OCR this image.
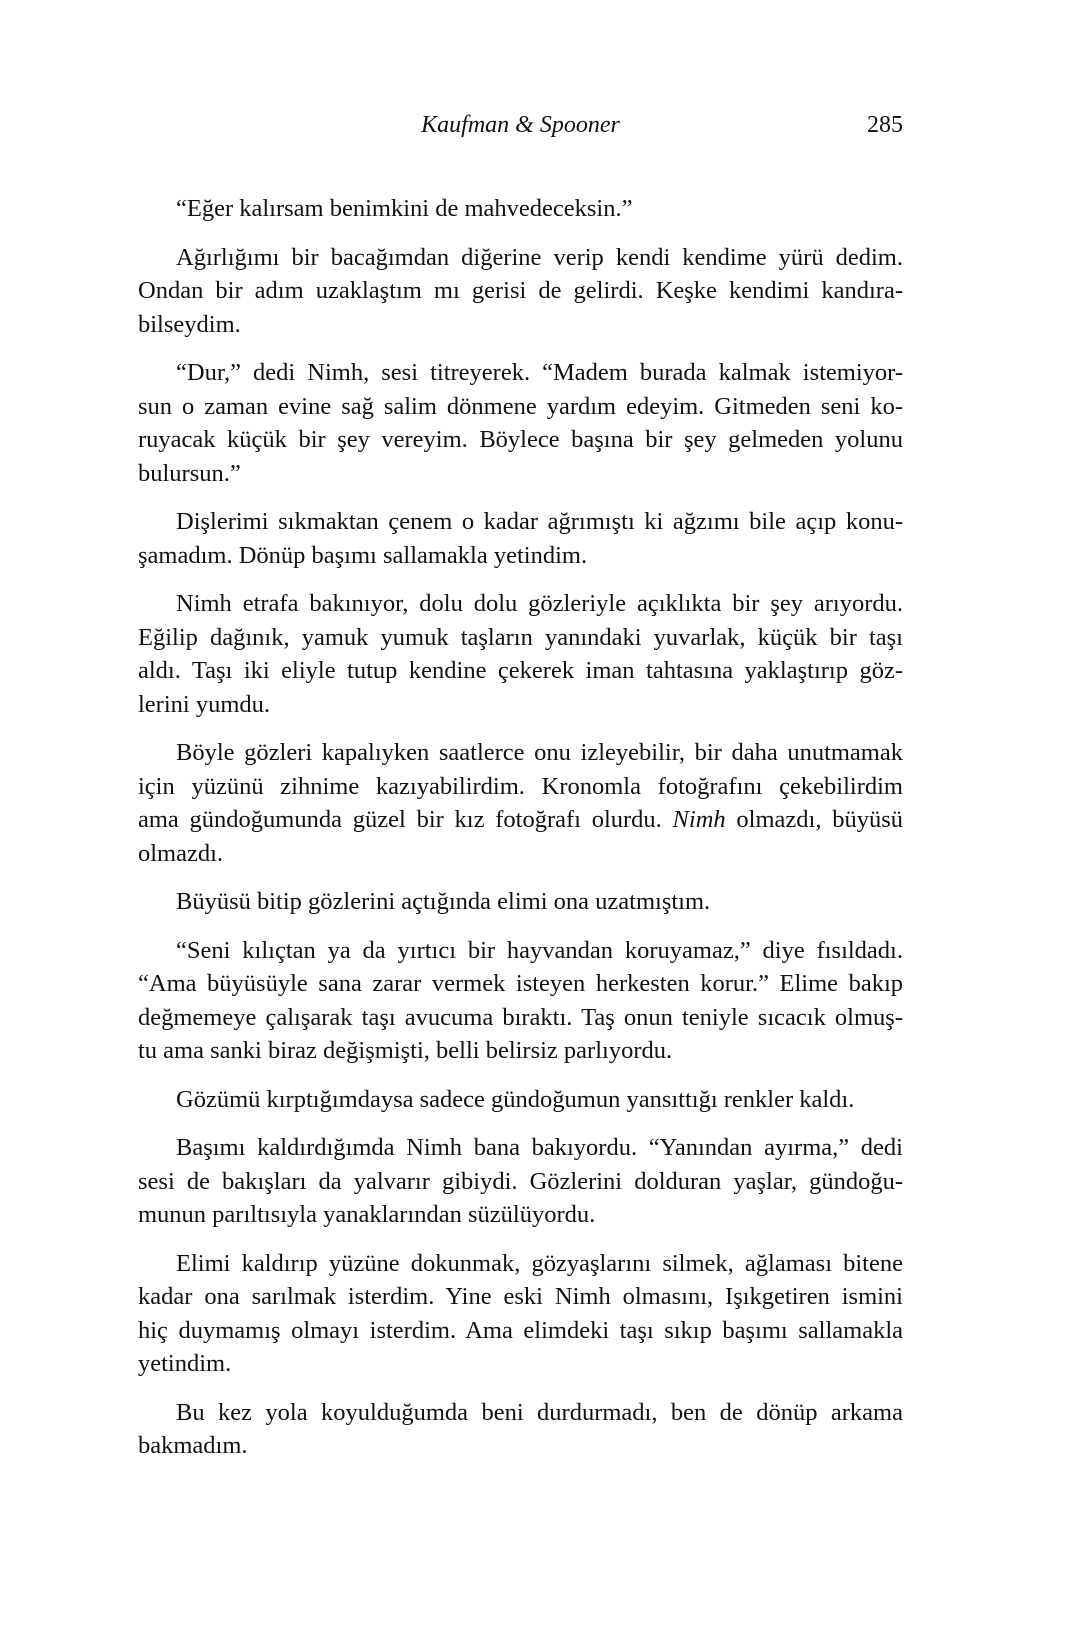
Kaufman & Spooner	285
“Eğer kalırsam benimkini de mahvedeceksin.”
Ağırlığımı bir bacağımdan diğerine verip kendi kendime yürü dedim.
Ondan bir adım uzaklaştım mı gerisi de gelirdi. Keşke kendimi kandıra-
bilseydim.
“Dur,” dedi Nimh, sesi titreyerek. “Madem burada kalmak istemiyor-
sun o zaman evine sağ salim dönmene yardım edeyim. Gitmeden seni ko-
ruyacak küçük bir şey vereyim. Böylece başına bir şey gelmeden yolunu
bulursun.”
Dişlerimi sıkmaktan çenem o kadar ağrımıştı ki ağzımı bile açıp konu-
şamadım. Dönüp başımı sallamakla yetindim.
Nimh etrafa bakınıyor, dolu dolu gözleriyle açıklıkta bir şey arıyordu.
Eğilip dağınık, yamuk yumuk taşların yanındaki yuvarlak, küçük bir taşı
aldı. Taşı iki eliyle tutup kendine çekerek iman tahtasına yaklaştırıp göz-
lerini yumdu.
Böyle gözleri kapalıyken saatlerce onu izleyebilir, bir daha unutmamak
için yüzünü zihnime kazıyabilirdim. Kronomla fotoğrafını çekebilirdim
ama gündoğumunda güzel bir kız fotoğrafı olurdu. Nimh olmazdı, büyüsü
olmazdı.
Büyüsü bitip gözlerini açtığında elimi ona uzatmıştım.
“Seni kılıçtan ya da yırtıcı bir hayvandan koruyamaz,” diye fısıldadı.
“Ama büyüsüyle sana zarar vermek isteyen herkesten korur.” Elime bakıp
değmemeye çalışarak taşı avucuma bıraktı. Taş onun teniyle sıcacık olmuş-
tu ama sanki biraz değişmişti, belli belirsiz parlıyordu.
Gözümü kırptığımdaysa sadece gündoğumun yansıttığı renkler kaldı.
Başımı kaldırdığımda Nimh bana bakıyordu. “Yanından ayırma,” dedi
sesi de bakışları da yalvarır gibiydi. Gözlerini dolduran yaşlar, gündoğu-
munun parıltısıyla yanaklarından süzülüyordu.
Elimi kaldırıp yüzüne dokunmak, gözyaşlarını silmek, ağlaması bitene
kadar ona sarılmak isterdim. Yine eski Nimh olmasını, Işıkgetiren ismini
hiç duymamış olmayı isterdim. Ama elimdeki taşı sıkıp başımı sallamakla
yetindim.
Bu kez yola koyulduğumda beni durdurmadı, ben de dönüp arkama
bakmadım.
